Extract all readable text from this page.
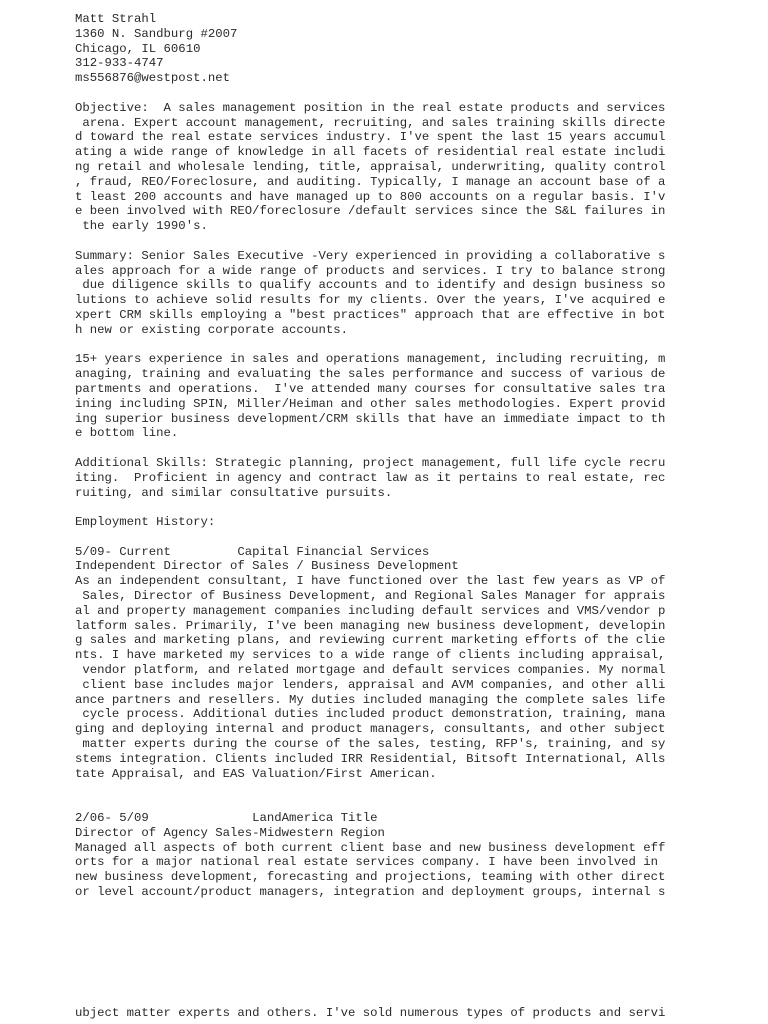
Matt Strahl
1360 N. Sandburg #2007
Chicago, IL 60610
312-933-4747
ms556876@westpost.net
Objective:  A sales management position in the real estate products and services
arena. Expert account management, recruiting, and sales training skills directe
d toward the real estate services industry. I've spent the last 15 years accumul
ating a wide range of knowledge in all facets of residential real estate includi
ng retail and wholesale lending, title, appraisal, underwriting, quality control
, fraud, REO/Foreclosure, and auditing. Typically, I manage an account base of a
t least 200 accounts and have managed up to 800 accounts on a regular basis. I'v
e been involved with REO/foreclosure /default services since the S&L failures in
the early 1990's.
Summary: Senior Sales Executive -Very experienced in providing a collaborative s
ales approach for a wide range of products and services. I try to balance strong
due diligence skills to qualify accounts and to identify and design business so
lutions to achieve solid results for my clients. Over the years, I've acquired e
xpert CRM skills employing a "best practices" approach that are effective in bot
h new or existing corporate accounts.
15+ years experience in sales and operations management, including recruiting, m
anaging, training and evaluating the sales performance and success of various de
partments and operations.  I've attended many courses for consultative sales tra
ining including SPIN, Miller/Heiman and other sales methodologies. Expert provid
ing superior business development/CRM skills that have an immediate impact to th
e bottom line.
Additional Skills: Strategic planning, project management, full life cycle recru
iting.  Proficient in agency and contract law as it pertains to real estate, rec
ruiting, and similar consultative pursuits.
Employment History:
5/09- Current         Capital Financial Services
Independent Director of Sales / Business Development
As an independent consultant, I have functioned over the last few years as VP of
Sales, Director of Business Development, and Regional Sales Manager for apprais
al and property management companies including default services and VMS/vendor p
latform sales. Primarily, I've been managing new business development, developin
g sales and marketing plans, and reviewing current marketing efforts of the clie
nts. I have marketed my services to a wide range of clients including appraisal,
vendor platform, and related mortgage and default services companies. My normal
client base includes major lenders, appraisal and AVM companies, and other alli
ance partners and resellers. My duties included managing the complete sales life
cycle process. Additional duties included product demonstration, training, mana
ging and deploying internal and product managers, consultants, and other subject
matter experts during the course of the sales, testing, RFP's, training, and sy
stems integration. Clients included IRR Residential, Bitsoft International, Alls
tate Appraisal, and EAS Valuation/First American.
2/06- 5/09              LandAmerica Title
Director of Agency Sales-Midwestern Region
Managed all aspects of both current client base and new business development eff
orts for a major national real estate services company. I have been involved in
new business development, forecasting and projections, teaming with other direct
or level account/product managers, integration and deployment groups, internal s
ubject matter experts and others. I've sold numerous types of products and servi
